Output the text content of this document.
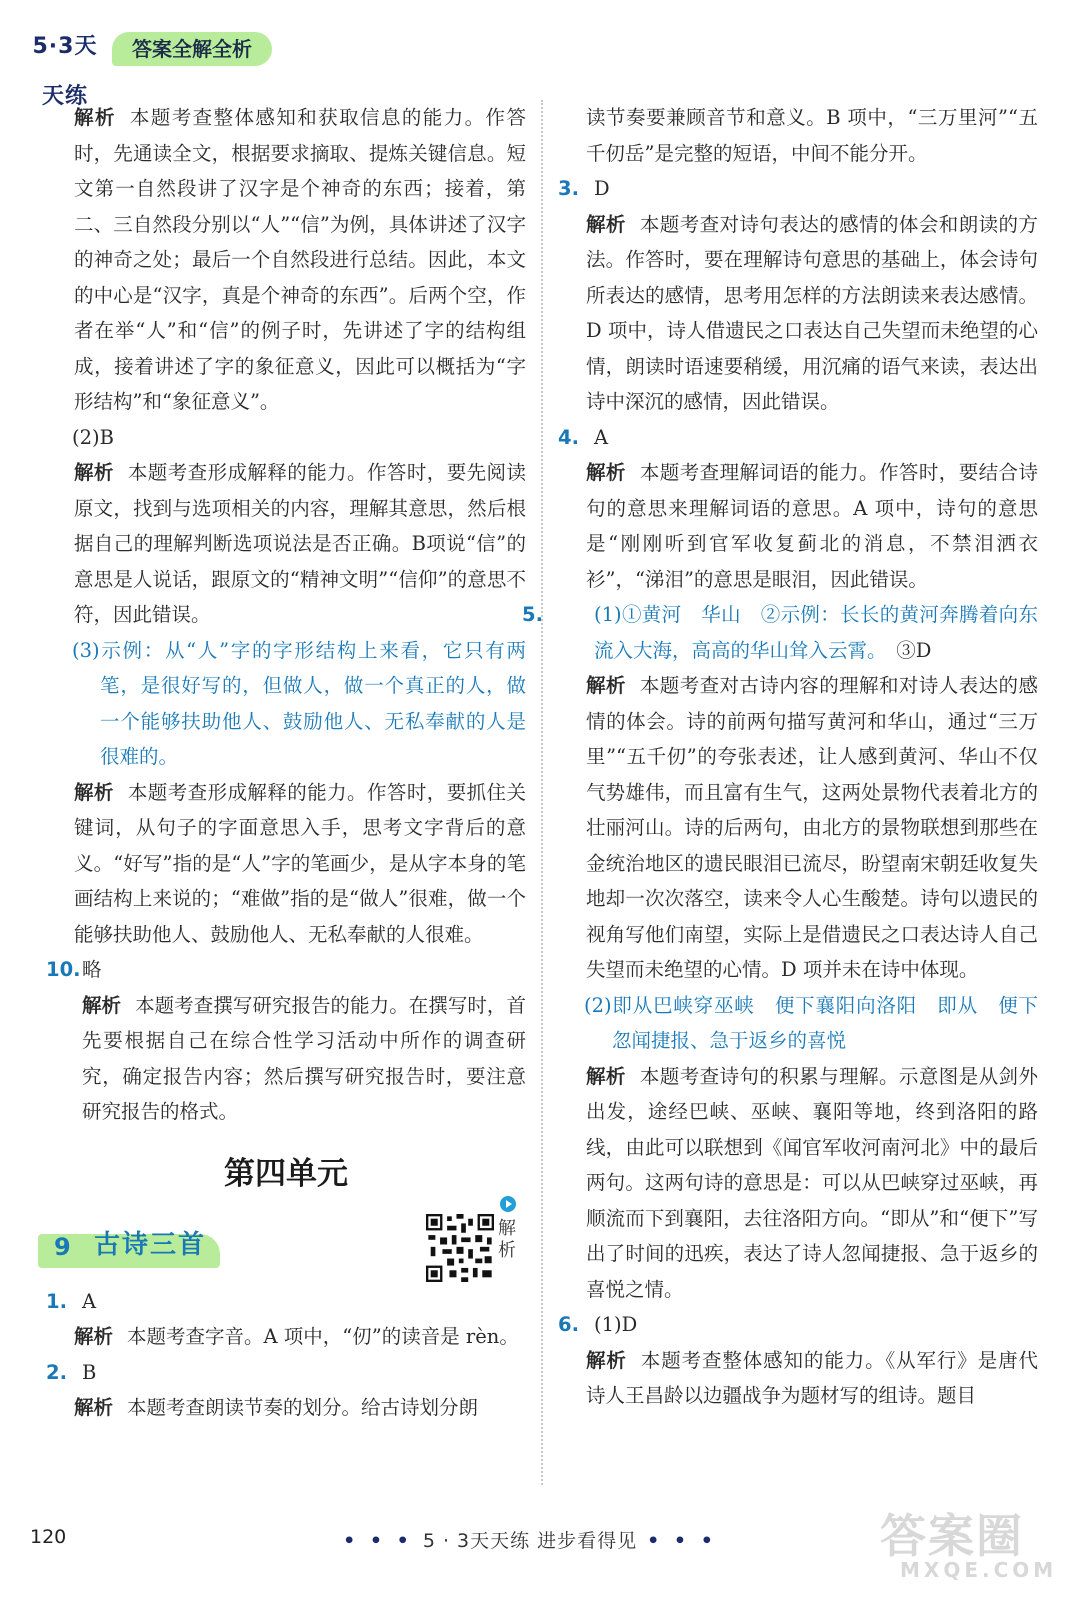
5·3天天练
答案全解全析

解析 本题考查整体感知和获取信息的能力。作答时，先通读全文，根据要求摘取、提炼关键信息。短文第一自然段讲了汉字是个神奇的东西；接着，第二、三自然段分别以“人”“信”为例，具体讲述了汉字的神奇之处；最后一个自然段进行总结。因此，本文的中心是“汉字，真是个神奇的东西”。后两个空，作者在举“人”和“信”的例子时，先讲述了字的结构组成，接着讲述了字的象征意义，因此可以概括为“字形结构”和“象征意义”。

(2)B

解析 本题考查形成解释的能力。作答时，要先阅读原文，找到与选项相关的内容，理解其意思，然后根据自己的理解判断选项说法是否正确。B项说“信”的意思是人说话，跟原文的“精神文明”“信仰”的意思不符，因此错误。

(3)示例：从“人”字的字形结构上来看，它只有两笔，是很好写的，但做人，做一个真正的人，做一个能够扶助他人、鼓励他人、无私奉献的人是很难的。

解析 本题考查形成解释的能力。作答时，要抓住关键词，从句子的字面意思入手，思考文字背后的意义。“好写”指的是“人”字的笔画少，是从字本身的笔画结构上来说的；“难做”指的是“做人”很难，做一个能够扶助他人、鼓励他人、无私奉献的人很难。

10.略

解析 本题考查撰写研究报告的能力。在撰写时，首先要根据自己在综合性学习活动中所作的调查研究，确定报告内容；然后撰写研究报告时，要注意研究报告的格式。

第四单元
9 古诗三首
解析

1. A

解析 本题考查字音。A 项中，“仞”的读音是 rèn。

2. B

解析 本题考查朗读节奏的划分。给古诗划分朗

读节奏要兼顾音节和意义。B 项中，“三万里河”“五千仞岳”是完整的短语，中间不能分开。

3. D

解析 本题考查对诗句表达的感情的体会和朗读的方法。作答时，要在理解诗句意思的基础上，体会诗句所表达的感情，思考用怎样的方法朗读来表达感情。D 项中，诗人借遗民之口表达自己失望而未绝望的心情，朗读时语速要稍缓，用沉痛的语气来读，表达出诗中深沉的感情，因此错误。

4. A

解析 本题考查理解词语的能力。作答时，要结合诗句的意思来理解词语的意思。A 项中，诗句的意思是“刚刚听到官军收复蓟北的消息，不禁泪洒衣衫”，“涕泪”的意思是眼泪，因此错误。

5.	(1)①黄河　华山　②示例：长长的黄河奔腾着向东流入大海，高高的华山耸入云霄。　 ③D

解析 本题考查对古诗内容的理解和对诗人表达的感情的体会。诗的前两句描写黄河和华山，通过“三万里”“五千仞”的夸张表述，让人感到黄河、华山不仅气势雄伟，而且富有生气，这两处景物代表着北方的壮丽河山。诗的后两句，由北方的景物联想到那些在金统治地区的遗民眼泪已流尽，盼望南宋朝廷收复失地却一次次落空，读来令人心生酸楚。诗句以遗民的视角写他们南望，实际上是借遗民之口表达诗人自己失望而未绝望的心情。D 项并未在诗中体现。

(2)即从巴峡穿巫峡　便下襄阳向洛阳　即从　便下　忽闻捷报、急于返乡的喜悦

解析 本题考查诗句的积累与理解。示意图是从剑外出发，途经巴峡、巫峡、襄阳等地，终到洛阳的路线，由此可以联想到《闻官军收河南河北》中的最后两句。这两句诗的意思是：可以从巴峡穿过巫峡，再顺流而下到襄阳，去往洛阳方向。“即从”和“便下”写出了时间的迅疾，表达了诗人忽闻捷报、急于返乡的喜悦之情。

6. (1)D

解析 本题考查整体感知的能力。《从军行》是唐代诗人王昌龄以边疆战争为题材写的组诗。题目

120	• • • 5 · 3天天练 进步看得见 • • •	答案圈
MXQE.COM
